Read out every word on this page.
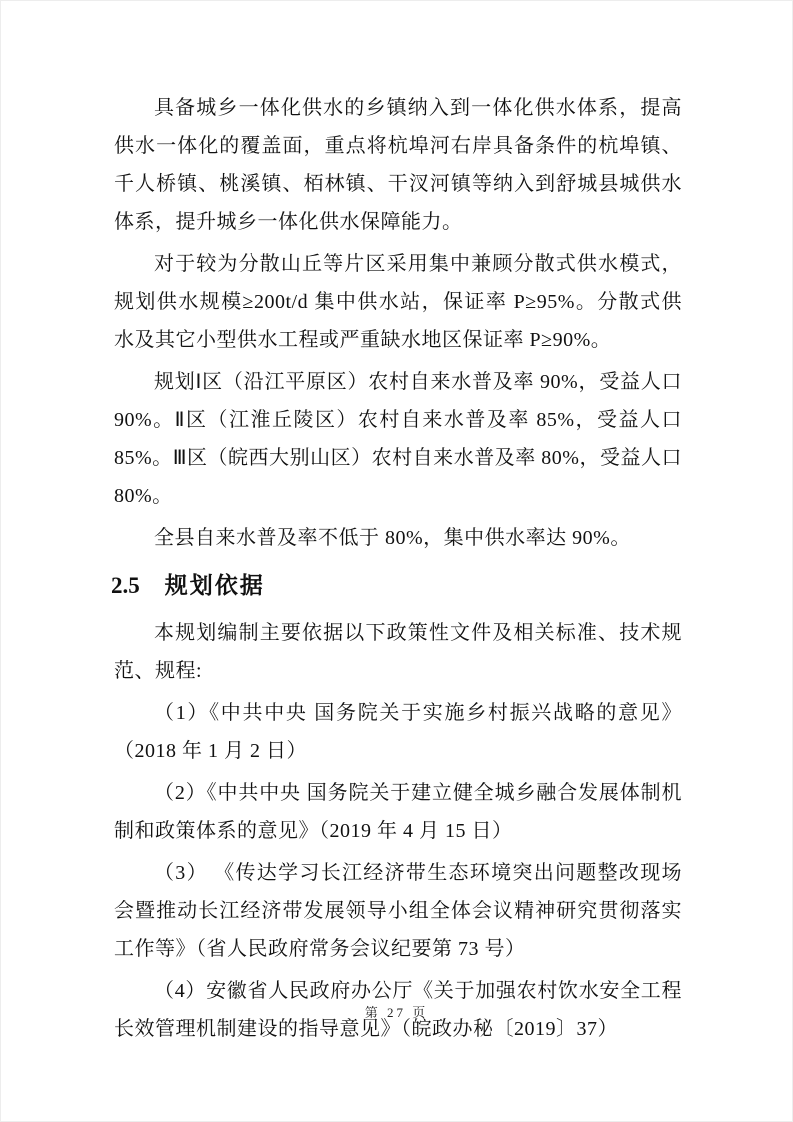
具备城乡一体化供水的乡镇纳入到一体化供水体系，提高供水一体化的覆盖面，重点将杭埠河右岸具备条件的杭埠镇、千人桥镇、桃溪镇、栢林镇、干汊河镇等纳入到舒城县城供水体系，提升城乡一体化供水保障能力。

对于较为分散山丘等片区采用集中兼顾分散式供水模式，规划供水规模≥200t/d 集中供水站，保证率 P≥95%。分散式供水及其它小型供水工程或严重缺水地区保证率 P≥90%。

规划Ⅰ区（沿江平原区）农村自来水普及率 90%，受益人口 90%。Ⅱ区（江淮丘陵区）农村自来水普及率 85%，受益人口 85%。Ⅲ区（皖西大别山区）农村自来水普及率 80%，受益人口 80%。

全县自来水普及率不低于 80%，集中供水率达 90%。

2.5 规划依据

本规划编制主要依据以下政策性文件及相关标准、技术规范、规程:

（1）《中共中央 国务院关于实施乡村振兴战略的意见》（2018 年 1 月 2 日）

（2）《中共中央 国务院关于建立健全城乡融合发展体制机制和政策体系的意见》（2019 年 4 月 15 日）

（3） 《传达学习长江经济带生态环境突出问题整改现场会暨推动长江经济带发展领导小组全体会议精神研究贯彻落实工作等》（省人民政府常务会议纪要第 73 号）

（4）安徽省人民政府办公厅《关于加强农村饮水安全工程长效管理机制建设的指导意见》（皖政办秘〔2019〕37）

第 27 页
